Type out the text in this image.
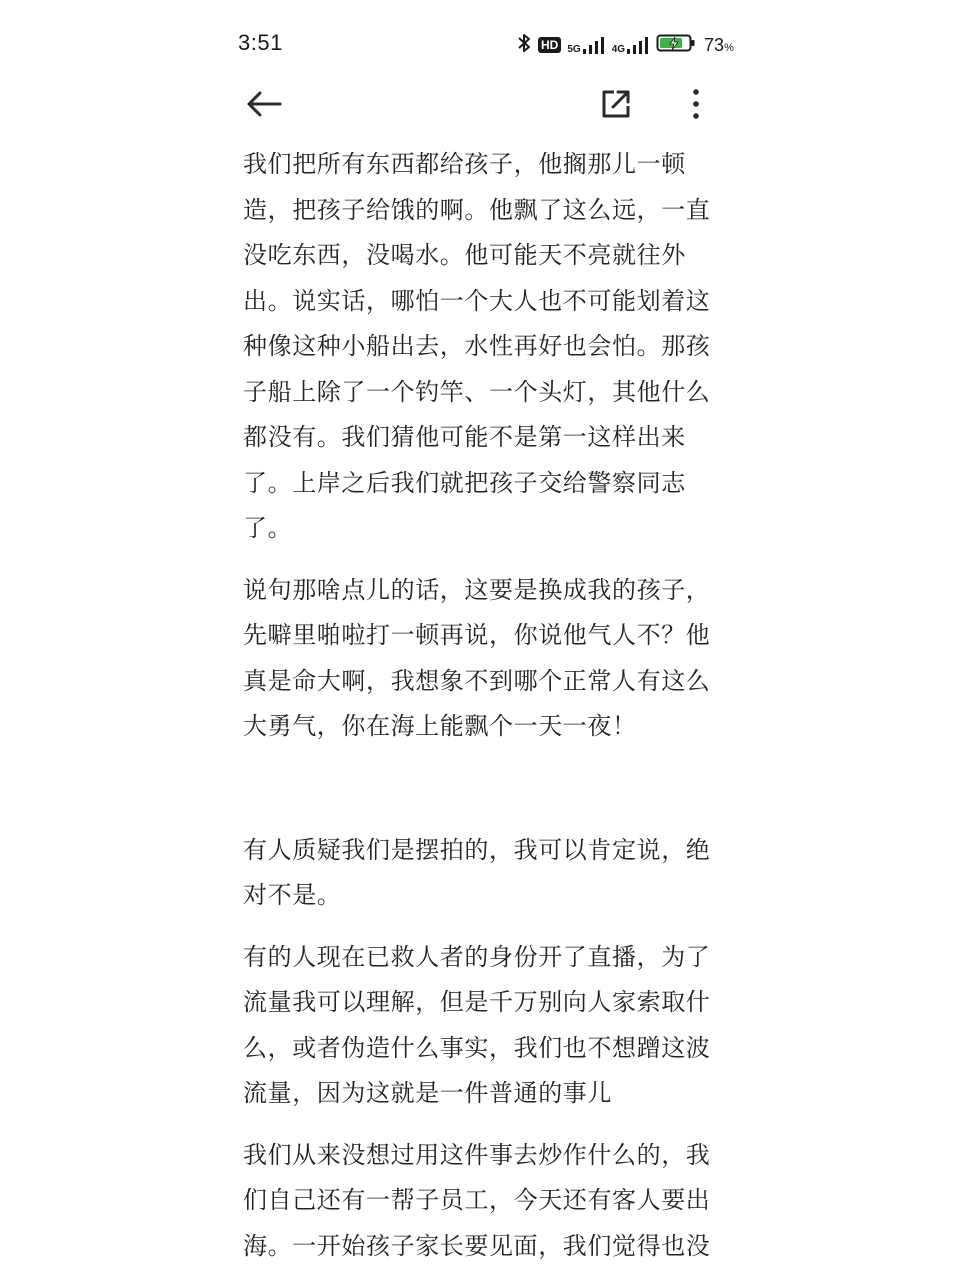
3:51	HD 5G	4G	73%

我们把所有东西都给孩子，他搁那儿一顿造，把孩子给饿的啊。他飘了这么远，一直没吃东西，没喝水。他可能天不亮就往外出。说实话，哪怕一个大人也不可能划着这种像这种小船出去，水性再好也会怕。那孩子船上除了一个钓竿、一个头灯，其他什么都没有。我们猜他可能不是第一这样出来了。上岸之后我们就把孩子交给警察同志了。

说句那啥点儿的话，这要是换成我的孩子，先噼里啪啦打一顿再说，你说他气人不？他真是命大啊，我想象不到哪个正常人有这么大勇气，你在海上能飘个一天一夜！

有人质疑我们是摆拍的，我可以肯定说，绝对不是。

有的人现在已救人者的身份开了直播，为了流量我可以理解，但是千万别向人家索取什么，或者伪造什么事实，我们也不想蹭这波流量，因为这就是一件普通的事儿

我们从来没想过用这件事去炒作什么的，我们自己还有一帮子员工，今天还有客人要出海。一开始孩子家长要见面，我们觉得也没
